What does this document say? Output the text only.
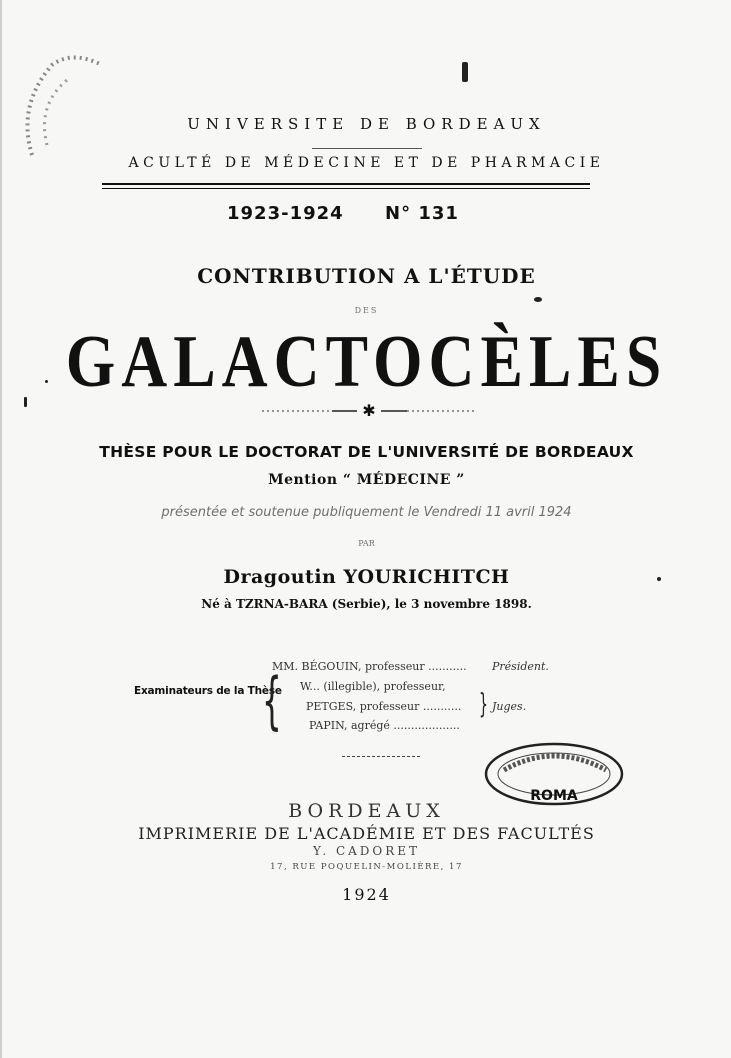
UNIVERSITE DE BORDEAUX
ACULTÉ DE MÉDECINE ET DE PHARMACIE
1923-1924 N° 131
CONTRIBUTION A L'ÉTUDE
DES
GALACTOCÈLES
✱
THÈSE POUR LE DOCTORAT DE L'UNIVERSITÉ DE BORDEAUX
Mention “ MÉDECINE ”
présentée et soutenue publiquement le Vendredi 11 avril 1924
PAR
Dragoutin YOURICHITCH
Né à TZRNA-BARA (Serbie), le 3 novembre 1898.
Examinateurs de la Thèse
{
MM. BÉGOUIN, professeur ...........
W... (illegible), professeur,
PETGES, professeur ...........
PAPIN, agrégé ...................
}
Président.
Juges.
ROMA
BORDEAUX
IMPRIMERIE DE L'ACADÉMIE ET DES FACULTÉS
Y. CADORET
17, RUE POQUELIN-MOLIÈRE, 17
1924
